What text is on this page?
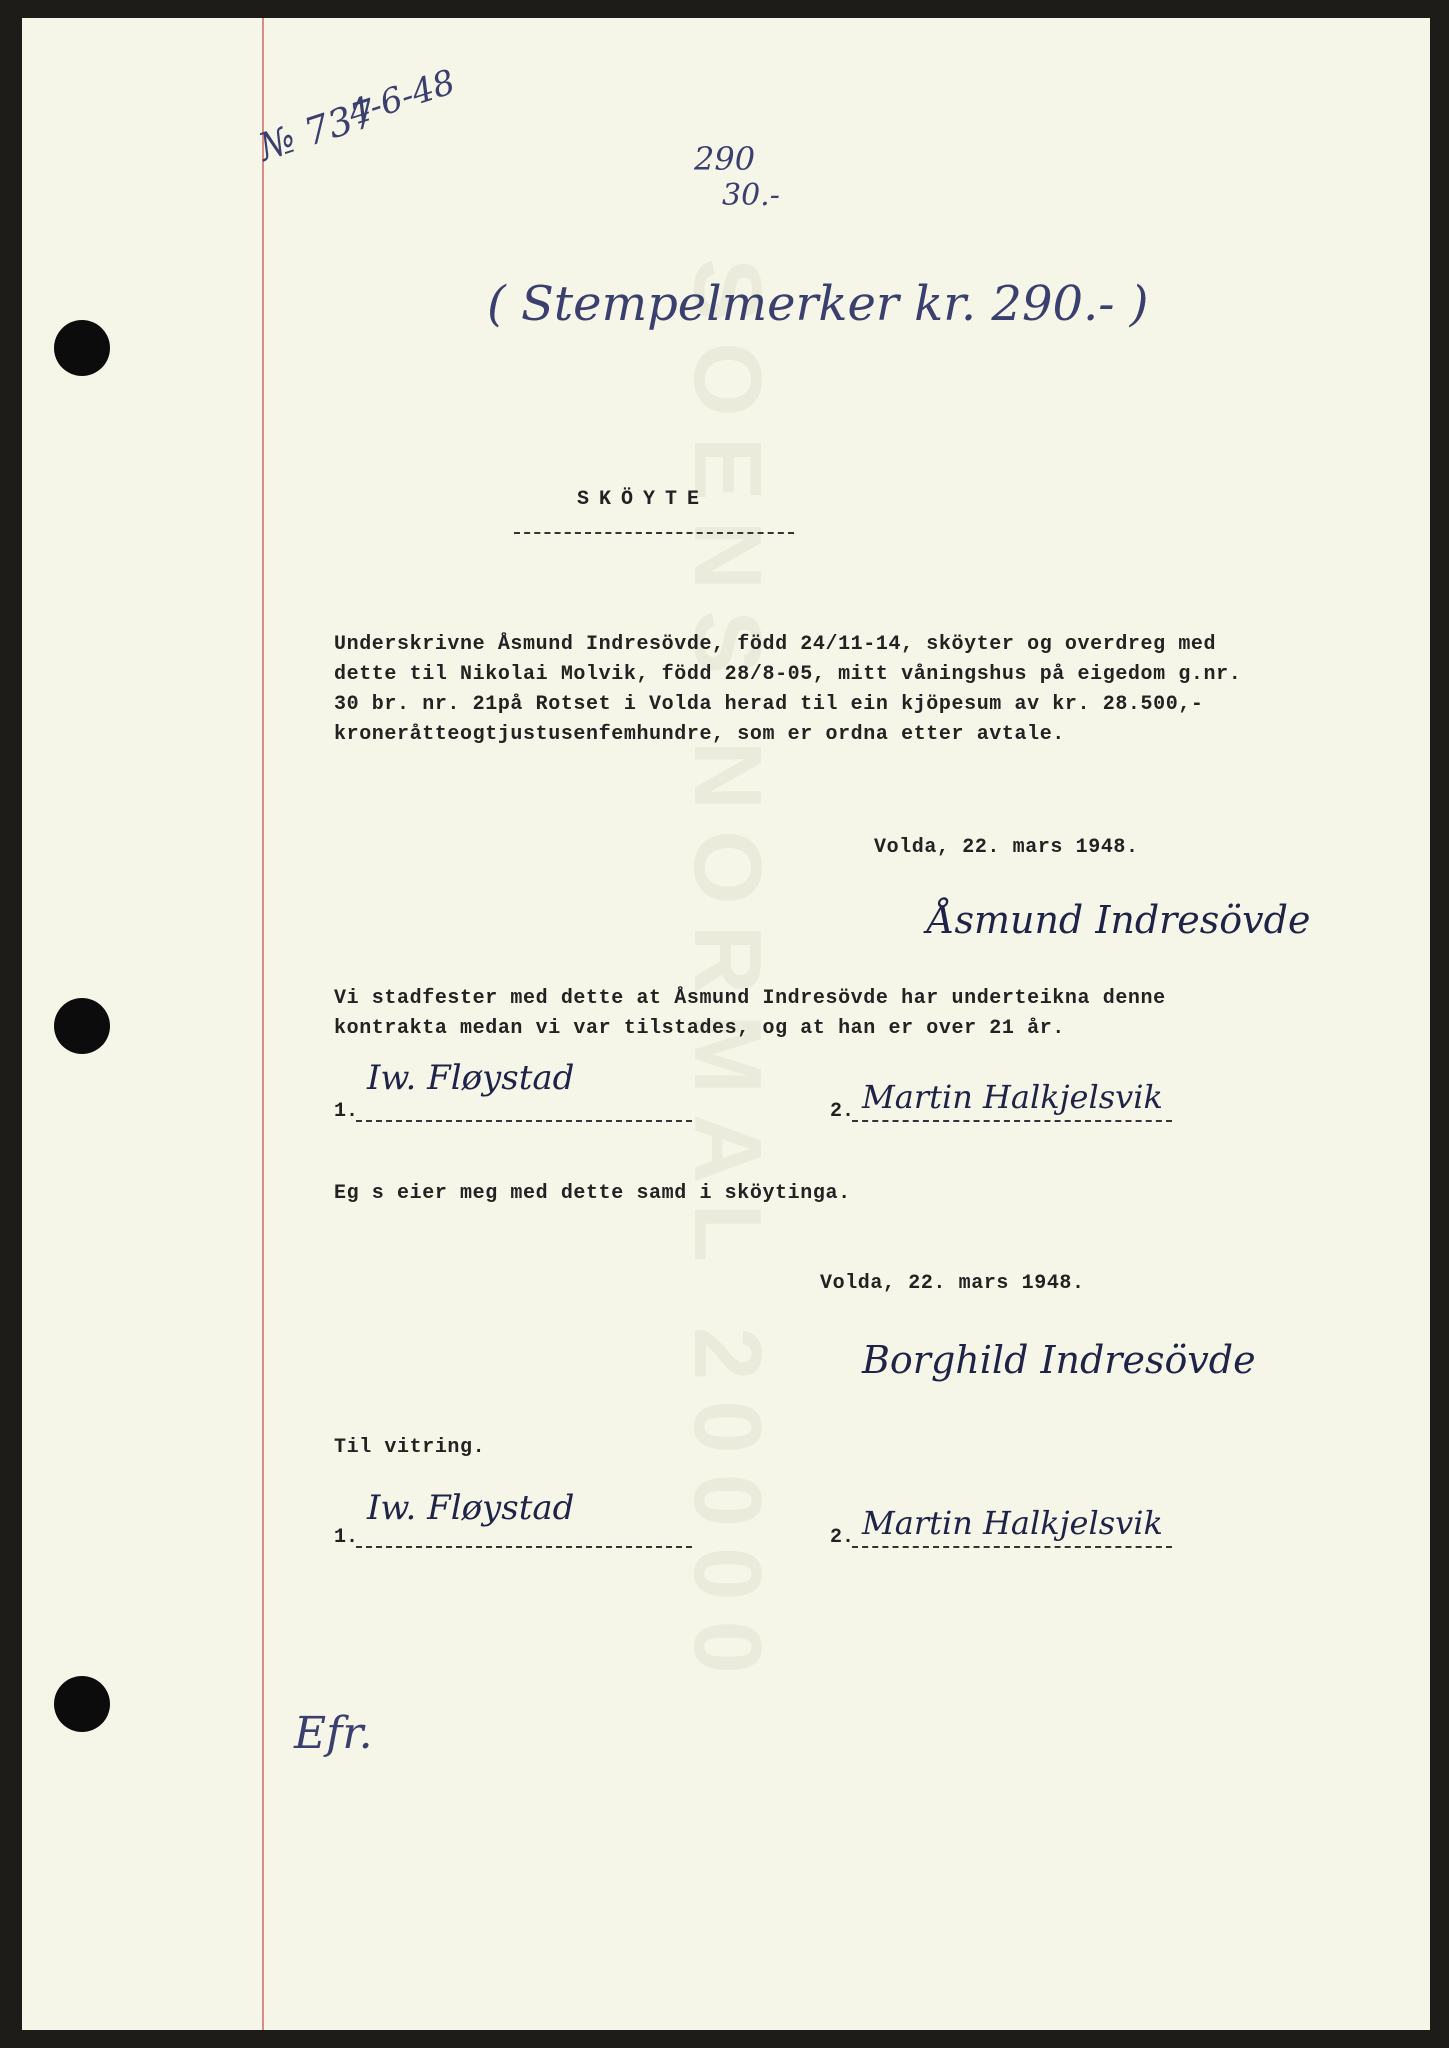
SOENS NORMAL 20000
№ 737
4-6-48
290
30.-
( Stempelmerker kr. 290.- )
SKÖYTE
Underskrivne Åsmund Indresövde, född 24/11-14, sköyter og overdreg med
dette til Nikolai Molvik, född 28/8-05, mitt våningshus på eigedom g.nr.
30 br. nr. 21på Rotset i Volda herad til ein kjöpesum av kr. 28.500,-
kroneråtteogtjustusenfemhundre, som er ordna etter avtale.
Volda, 22. mars 1948.
Åsmund Indresövde
Vi stadfester med dette at Åsmund Indresövde har underteikna denne
kontrakta medan vi var tilstades, og at han er over 21 år.
1.
Iw. Fløystad
2. Martin Halkjelsvik
Eg s eier meg med dette samd i sköytinga.
Volda, 22. mars 1948.
Borghild Indresövde
Til vitring.
1.
Iw. Fløystad
2. Martin Halkjelsvik
Efr.
